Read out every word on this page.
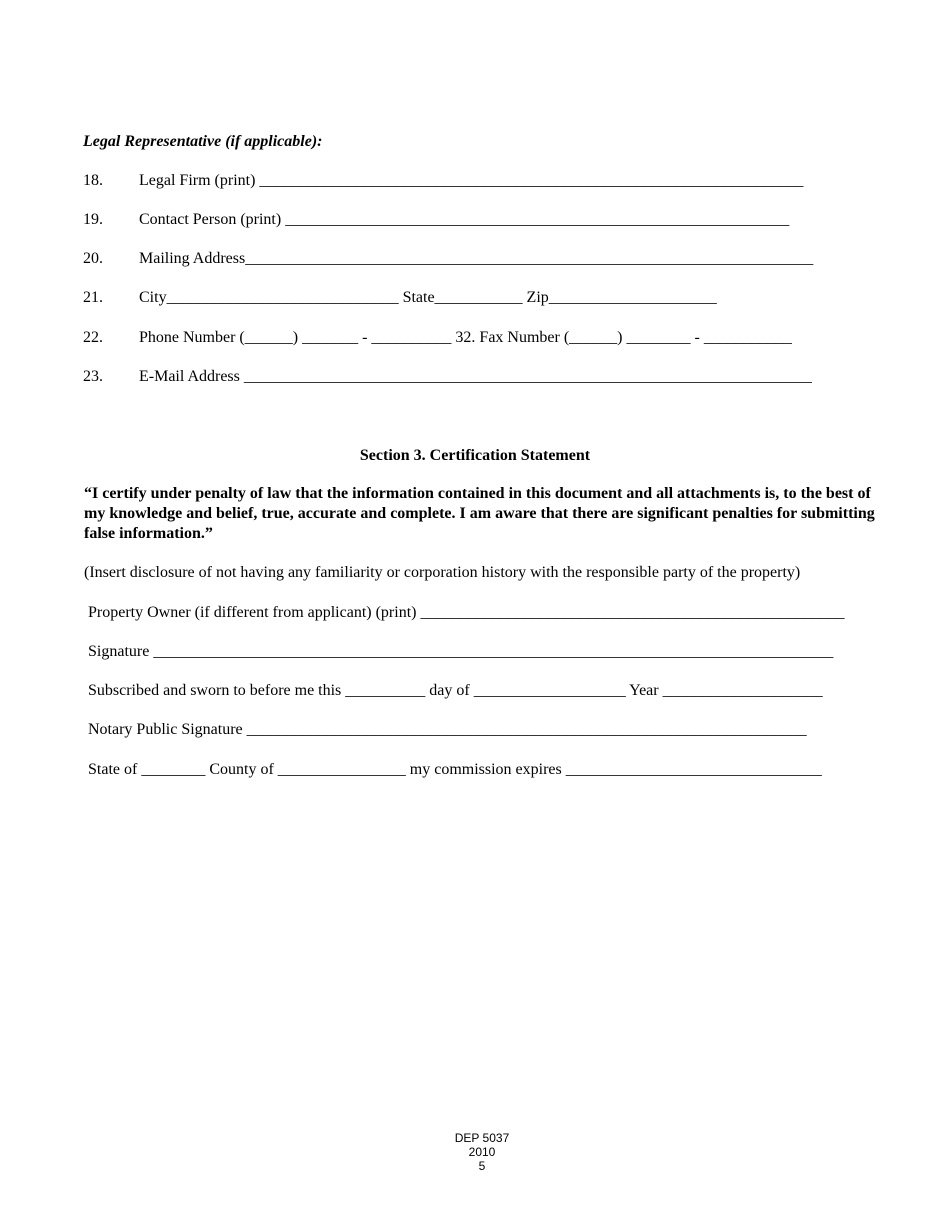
Legal Representative (if applicable):
18. Legal Firm (print) ____________________________________________________________________
19. Contact Person (print) _______________________________________________________________
20. Mailing Address_______________________________________________________________________
21. City_____________________________ State___________ Zip_____________________
22. Phone Number (______) _______ - __________ 32. Fax Number (______) ________ - ___________
23. E-Mail Address _______________________________________________________________________
Section 3. Certification Statement
“I certify under penalty of law that the information contained in this document and all attachments is, to the best of my knowledge and belief, true, accurate and complete. I am aware that there are significant penalties for submitting false information.”
(Insert disclosure of not having any familiarity or corporation history with the responsible party of the property)
Property Owner (if different from applicant) (print) _____________________________________________________
Signature _____________________________________________________________________________________
Subscribed and sworn to before me this __________ day of ___________________ Year ____________________
Notary Public Signature ______________________________________________________________________
State of ________ County of ________________ my commission expires ________________________________
DEP 5037
2010
5
